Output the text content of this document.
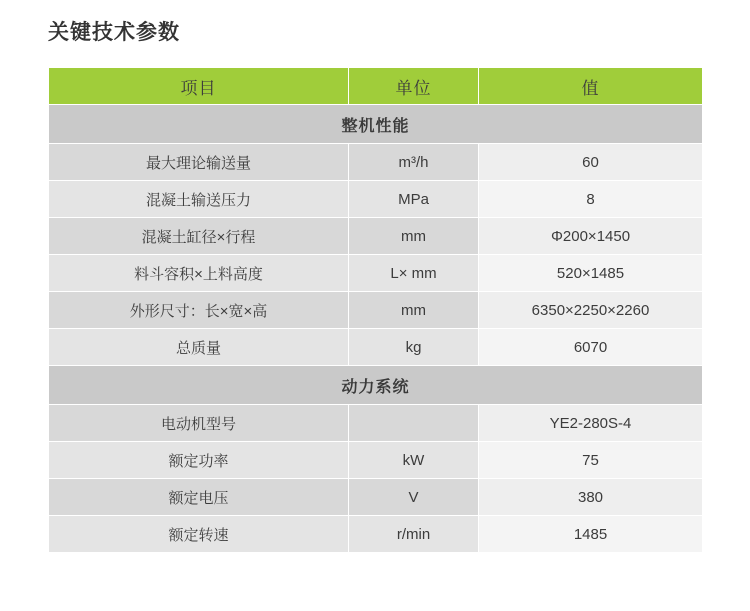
关键技术参数
项目	单位	值
整机性能		
最大理论输送量	m³/h	60
混凝土输送压力	MPa	8
混凝土缸径×行程	mm	Φ200×1450
料斗容积×上料高度	L× mm	520×1485
外形尺寸：长×宽×高	mm	6350×2250×2260
总质量	kg	6070
动力系统		
电动机型号		YE2-280S-4
额定功率	kW	75
额定电压	V	380
额定转速	r/min	1485
